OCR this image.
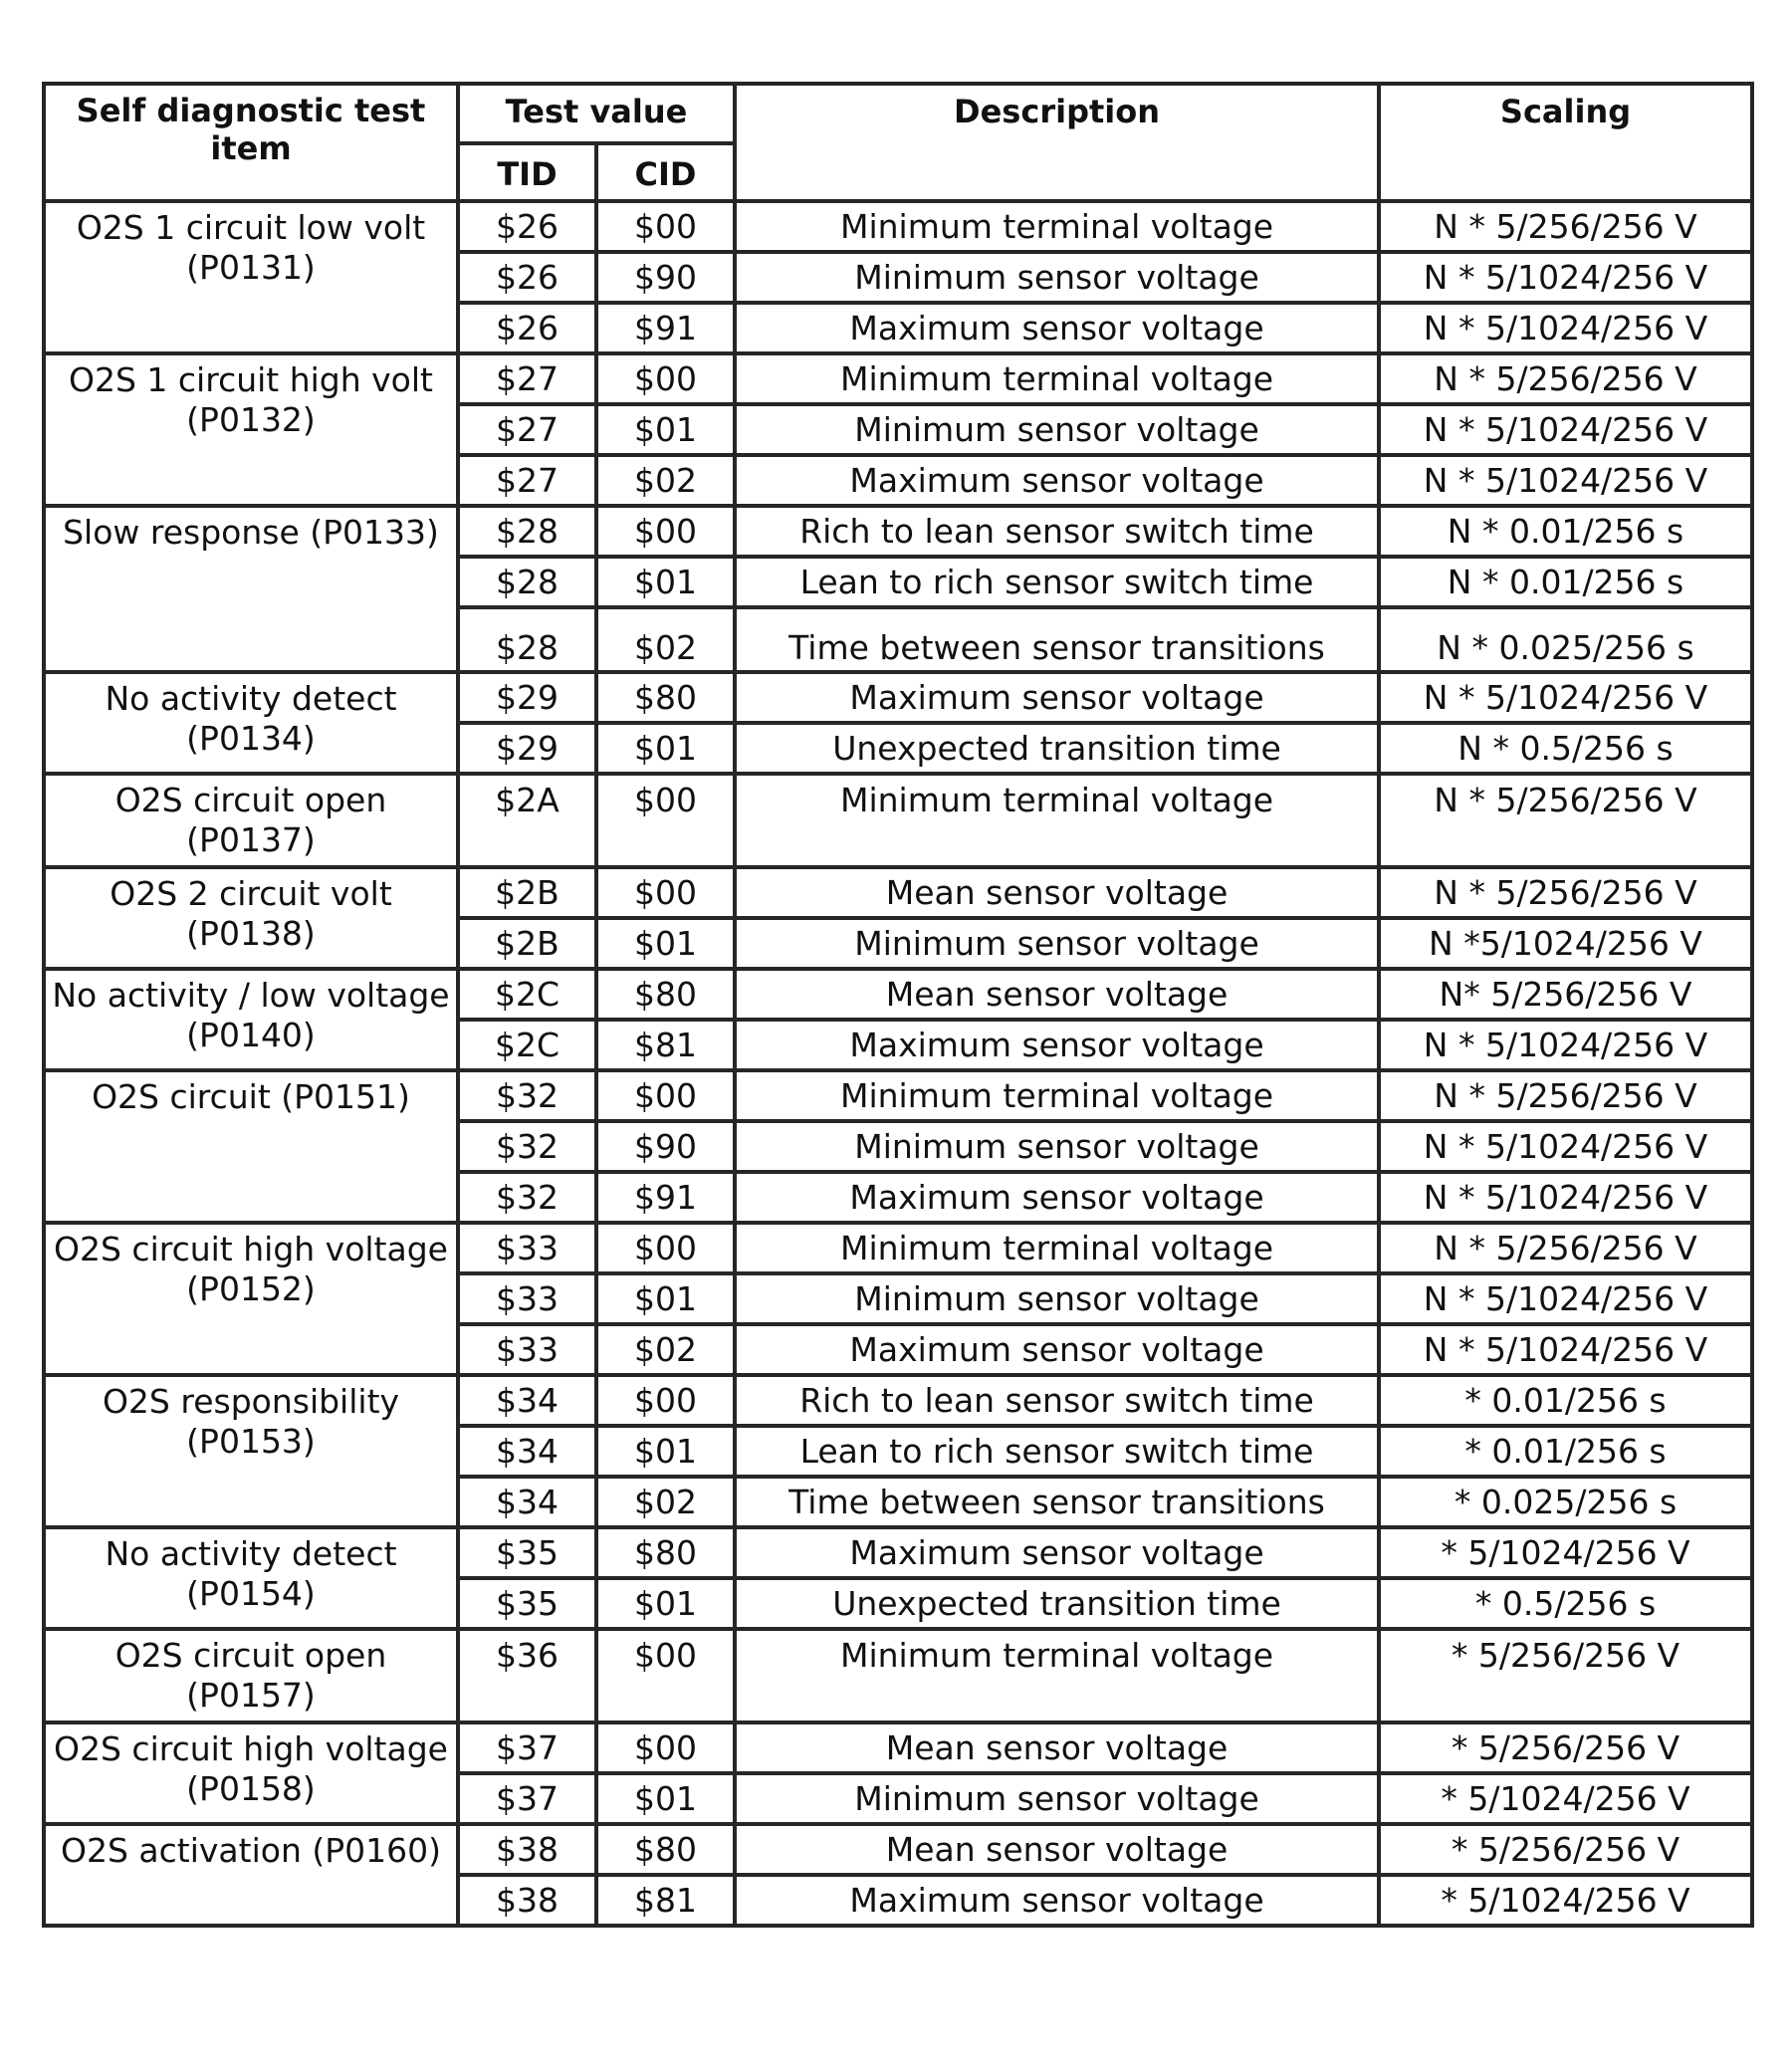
Self diagnostic test item	Test value		Description	Scaling
	TID	CID		
O2S 1 circuit low volt (P0131)	$26	$00	Minimum terminal voltage	N * 5/256/256 V
	$26	$90	Minimum sensor voltage	N * 5/1024/256 V
	$26	$91	Maximum sensor voltage	N * 5/1024/256 V
O2S 1 circuit high volt (P0132)	$27	$00	Minimum terminal voltage	N * 5/256/256 V
	$27	$01	Minimum sensor voltage	N * 5/1024/256 V
	$27	$02	Maximum sensor voltage	N * 5/1024/256 V
Slow response (P0133)	$28	$00	Rich to lean sensor switch time	N * 0.01/256 s
	$28	$01	Lean to rich sensor switch time	N * 0.01/256 s
	$28	$02	Time between sensor transitions	N * 0.025/256 s
No activity detect (P0134)	$29	$80	Maximum sensor voltage	N * 5/1024/256 V
	$29	$01	Unexpected transition time	N * 0.5/256 s
O2S circuit open (P0137)	$2A	$00	Minimum terminal voltage	N * 5/256/256 V
O2S 2 circuit volt (P0138)	$2B	$00	Mean sensor voltage	N * 5/256/256 V
	$2B	$01	Minimum sensor voltage	N *5/1024/256 V
No activity / low voltage (P0140)	$2C	$80	Mean sensor voltage	N* 5/256/256 V
	$2C	$81	Maximum sensor voltage	N * 5/1024/256 V
O2S circuit (P0151)	$32	$00	Minimum terminal voltage	N * 5/256/256 V
	$32	$90	Minimum sensor voltage	N * 5/1024/256 V
	$32	$91	Maximum sensor voltage	N * 5/1024/256 V
O2S circuit high voltage (P0152)	$33	$00	Minimum terminal voltage	N * 5/256/256 V
	$33	$01	Minimum sensor voltage	N * 5/1024/256 V
	$33	$02	Maximum sensor voltage	N * 5/1024/256 V
O2S responsibility (P0153)	$34	$00	Rich to lean sensor switch time	* 0.01/256 s
	$34	$01	Lean to rich sensor switch time	* 0.01/256 s
	$34	$02	Time between sensor transitions	* 0.025/256 s
No activity detect (P0154)	$35	$80	Maximum sensor voltage	* 5/1024/256 V
	$35	$01	Unexpected transition time	* 0.5/256 s
O2S circuit open (P0157)	$36	$00	Minimum terminal voltage	* 5/256/256 V
O2S circuit high voltage (P0158)	$37	$00	Mean sensor voltage	* 5/256/256 V
	$37	$01	Minimum sensor voltage	* 5/1024/256 V
O2S activation (P0160)	$38	$80	Mean sensor voltage	* 5/256/256 V
	$38	$81	Maximum sensor voltage	* 5/1024/256 V
